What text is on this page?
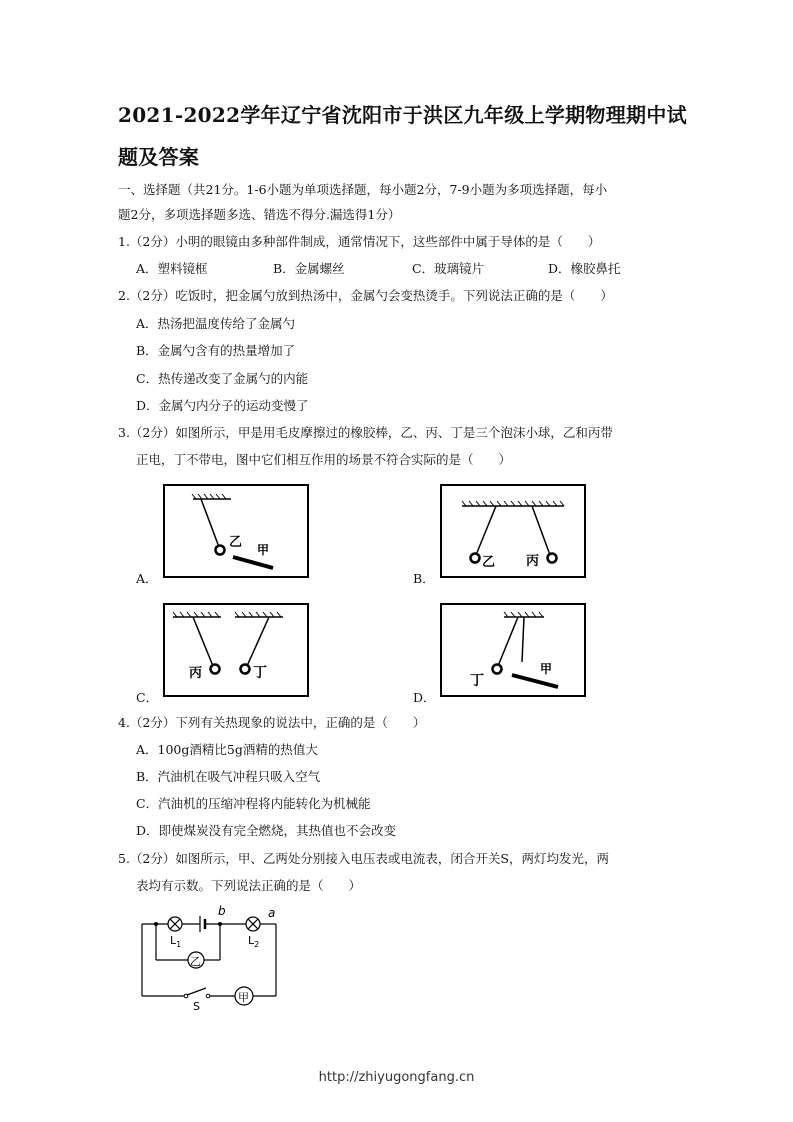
2021-2022学年辽宁省沈阳市于洪区九年级上学期物理期中试题及答案
一、选择题（共21分。1-6小题为单项选择题，每小题2分，7-9小题为多项选择题，每小
题2分，多项选择题多选、错选不得分.漏选得1分）
1.（2分）小明的眼镜由多种部件制成，通常情况下，这些部件中属于导体的是（　　）
A．塑料镜框	B．金属螺丝	C．玻璃镜片	D．橡胶鼻托
2.（2分）吃饭时，把金属勺放到热汤中，金属勺会变热烫手。下列说法正确的是（　　）
A．热汤把温度传给了金属勺
B．金属勺含有的热量增加了
C．热传递改变了金属勺的内能
D．金属勺内分子的运动变慢了
3.（2分）如图所示，甲是用毛皮摩擦过的橡胶棒，乙、丙、丁是三个泡沫小球，乙和丙带
正电，丁不带电，图中它们相互作用的场景不符合实际的是（　　）
A．
乙 甲
B．
乙 丙
C．
丙	丁
D．
丁
甲
4.（2分）下列有关热现象的说法中，正确的是（　　）
A．100g酒精比5g酒精的热值大
B．汽油机在吸气冲程只吸入空气
C．汽油机的压缩冲程将内能转化为机械能
D．即使煤炭没有完全燃烧，其热值也不会改变
5.（2分）如图所示，甲、乙两处分别接入电压表或电流表，闭合开关S，两灯均发光，两
表均有示数。下列说法正确的是（　　）
b	a
$L_1$	$L_2$
乙
甲
S
http://zhiyugongfang.cn
